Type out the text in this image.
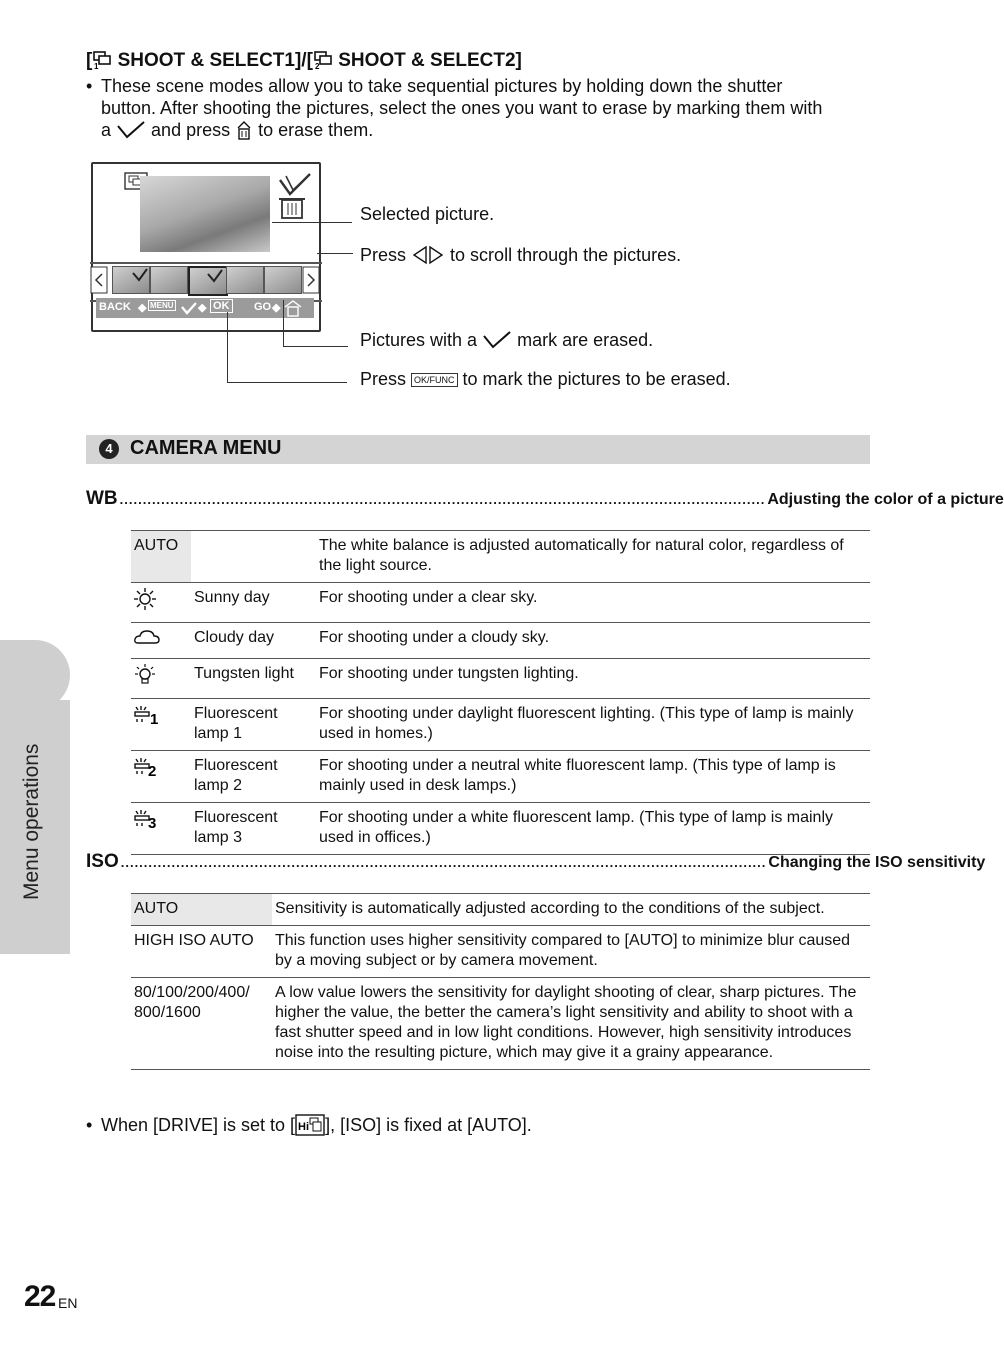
[ 1 SHOOT & SELECT1]/[ 2 SHOOT & SELECT2]
• These scene modes allow you to take sequential pictures by holding down the shutter
button. After shooting the pictures, select the ones you want to erase by marking them with
a and press to erase them.
BACK ◆ MENU ◆ OK GO ◆
Selected picture.
Press to scroll through the pictures.
Pictures with a mark are erased.
Press OK/FUNC to mark the pictures to be erased.
4 CAMERA MENU
WB ............................................................................................................................................ Adjusting the color of a picture
AUTO		The white balance is adjusted automatically for natural color, regardless of the light source.
	Sunny day	For shooting under a clear sky.
	Cloudy day	For shooting under a cloudy sky.
	Tungsten light	For shooting under tungsten lighting.

1	Fluorescent lamp 1	For shooting under daylight fluorescent lighting. (This type of lamp is mainly used in homes.)

2	Fluorescent lamp 2	For shooting under a neutral white fluorescent lamp. (This type of lamp is mainly used in desk lamps.)

3	Fluorescent lamp 3	For shooting under a white fluorescent lamp. (This type of lamp is mainly used in offices.)
ISO ............................................................................................................................................ Changing the ISO sensitivity
AUTO	Sensitivity is automatically adjusted according to the conditions of the subject.
HIGH ISO AUTO	This function uses higher sensitivity compared to [AUTO] to minimize blur caused by a moving subject or by camera movement.
80/100/200/400/ 800/1600	A low value lowers the sensitivity for daylight shooting of clear, sharp pictures. The higher the value, the better the camera’s light sensitivity and ability to shoot with a fast shutter speed and in low light conditions. However, high sensitivity introduces noise into the resulting picture, which may give it a grainy appearance.
• When [DRIVE] is set to [ Hi ], [ISO] is fixed at [AUTO].
Menu operations
22 EN
